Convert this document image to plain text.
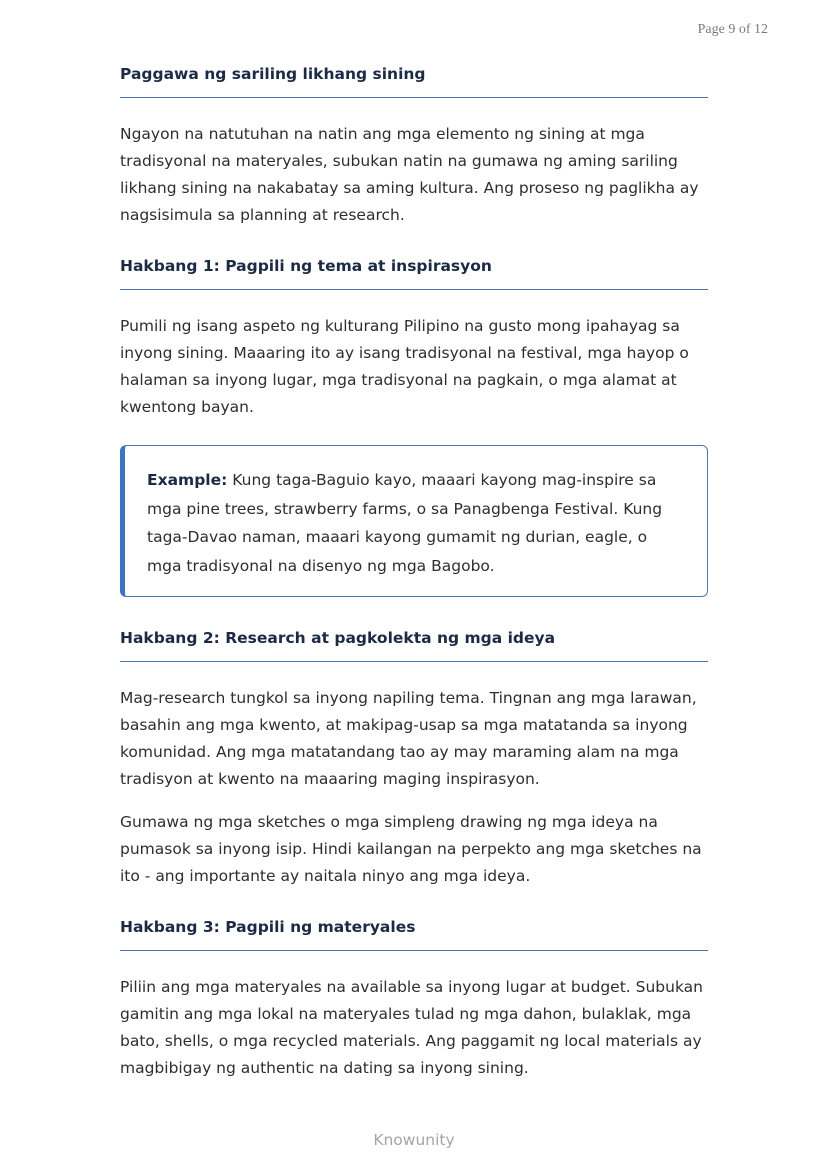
Page 9 of 12
Paggawa ng sariling likhang sining

Ngayon na natutuhan na natin ang mga elemento ng sining at mga tradisyonal na materyales, subukan natin na gumawa ng aming sariling likhang sining na nakabatay sa aming kultura. Ang proseso ng paglikha ay nagsisimula sa planning at research.

Hakbang 1: Pagpili ng tema at inspirasyon

Pumili ng isang aspeto ng kulturang Pilipino na gusto mong ipahayag sa inyong sining. Maaaring ito ay isang tradisyonal na festival, mga hayop o halaman sa inyong lugar, mga tradisyonal na pagkain, o mga alamat at kwentong bayan.

Example: Kung taga-Baguio kayo, maaari kayong mag-inspire sa mga pine trees, strawberry farms, o sa Panagbenga Festival. Kung taga-Davao naman, maaari kayong gumamit ng durian, eagle, o mga tradisyonal na disenyo ng mga Bagobo.

Hakbang 2: Research at pagkolekta ng mga ideya

Mag-research tungkol sa inyong napiling tema. Tingnan ang mga larawan, basahin ang mga kwento, at makipag-usap sa mga matatanda sa inyong komunidad. Ang mga matatandang tao ay may maraming alam na mga tradisyon at kwento na maaaring maging inspirasyon.

Gumawa ng mga sketches o mga simpleng drawing ng mga ideya na pumasok sa inyong isip. Hindi kailangan na perpekto ang mga sketches na ito - ang importante ay naitala ninyo ang mga ideya.

Hakbang 3: Pagpili ng materyales

Piliin ang mga materyales na available sa inyong lugar at budget. Subukan gamitin ang mga lokal na materyales tulad ng mga dahon, bulaklak, mga bato, shells, o mga recycled materials. Ang paggamit ng local materials ay magbibigay ng authentic na dating sa inyong sining.

Knowunity
